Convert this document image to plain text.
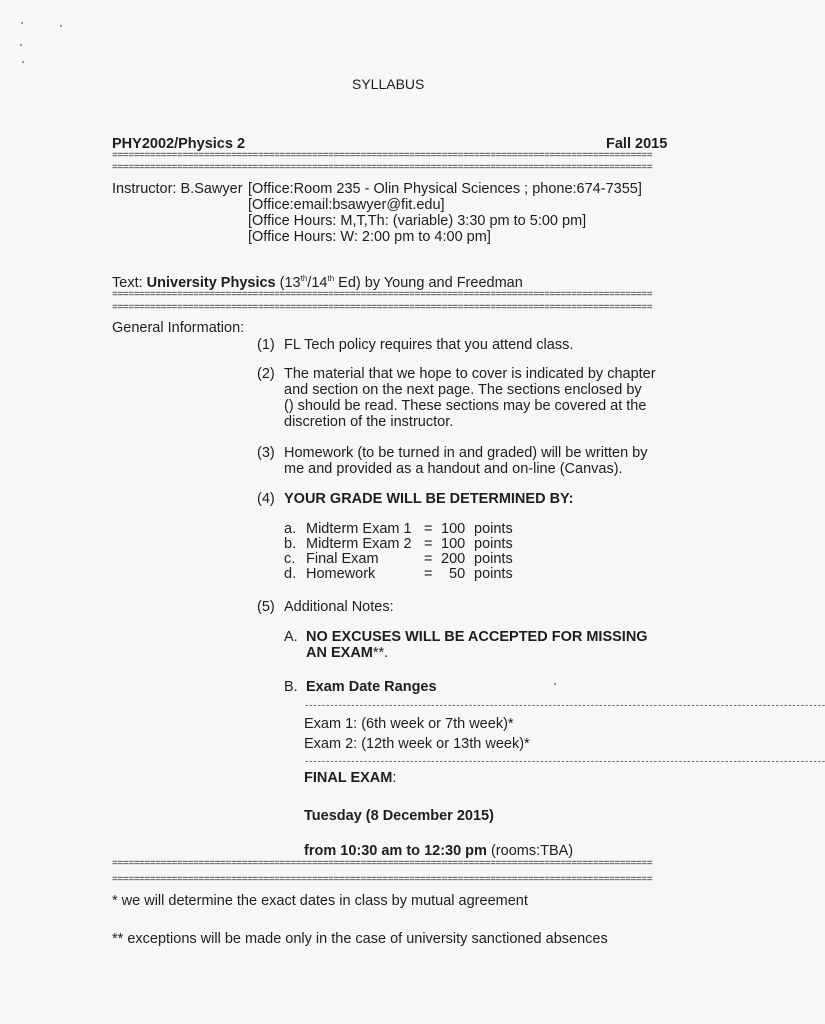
SYLLABUS
PHY2002/Physics 2	Fall 2015
====================================================================================================
====================================================================================================
Instructor: B.Sawyer [Office:Room 235 - Olin Physical Sciences ; phone:674-7355]
[Office:email:bsawyer@fit.edu]
[Office Hours: M,T,Th: (variable) 3:30 pm to 5:00 pm]
[Office Hours: W: 2:00 pm to 4:00 pm]
Text: University Physics (13th/14th Ed) by Young and Freedman
====================================================================================================
====================================================================================================
General Information:
(1) FL Tech policy requires that you attend class.
(2) The material that we hope to cover is indicated by chapter
and section on the next page. The sections enclosed by
() should be read. These sections may be covered at the
discretion of the instructor.
(3) Homework (to be turned in and graded) will be written by
me and provided as a handout and on-line (Canvas).
(4) YOUR GRADE WILL BE DETERMINED BY:
a. Midterm Exam 1 = 100 points
b. Midterm Exam 2 = 100 points
c. Final Exam	= 200 points
d. Homework	= 50 points
(5) Additional Notes:
A. NO EXCUSES WILL BE ACCEPTED FOR MISSING
AN EXAM**.
B. Exam Date Ranges
----------------------------------------------------------------------------------------------------------------------------
Exam 1: (6th week or 7th week)*
Exam 2: (12th week or 13th week)*
----------------------------------------------------------------------------------------------------------------------------
FINAL EXAM:
Tuesday (8 December 2015)
from 10:30 am to 12:30 pm (rooms:TBA)
====================================================================================================
====================================================================================================
* we will determine the exact dates in class by mutual agreement
** exceptions will be made only in the case of university sanctioned absences
